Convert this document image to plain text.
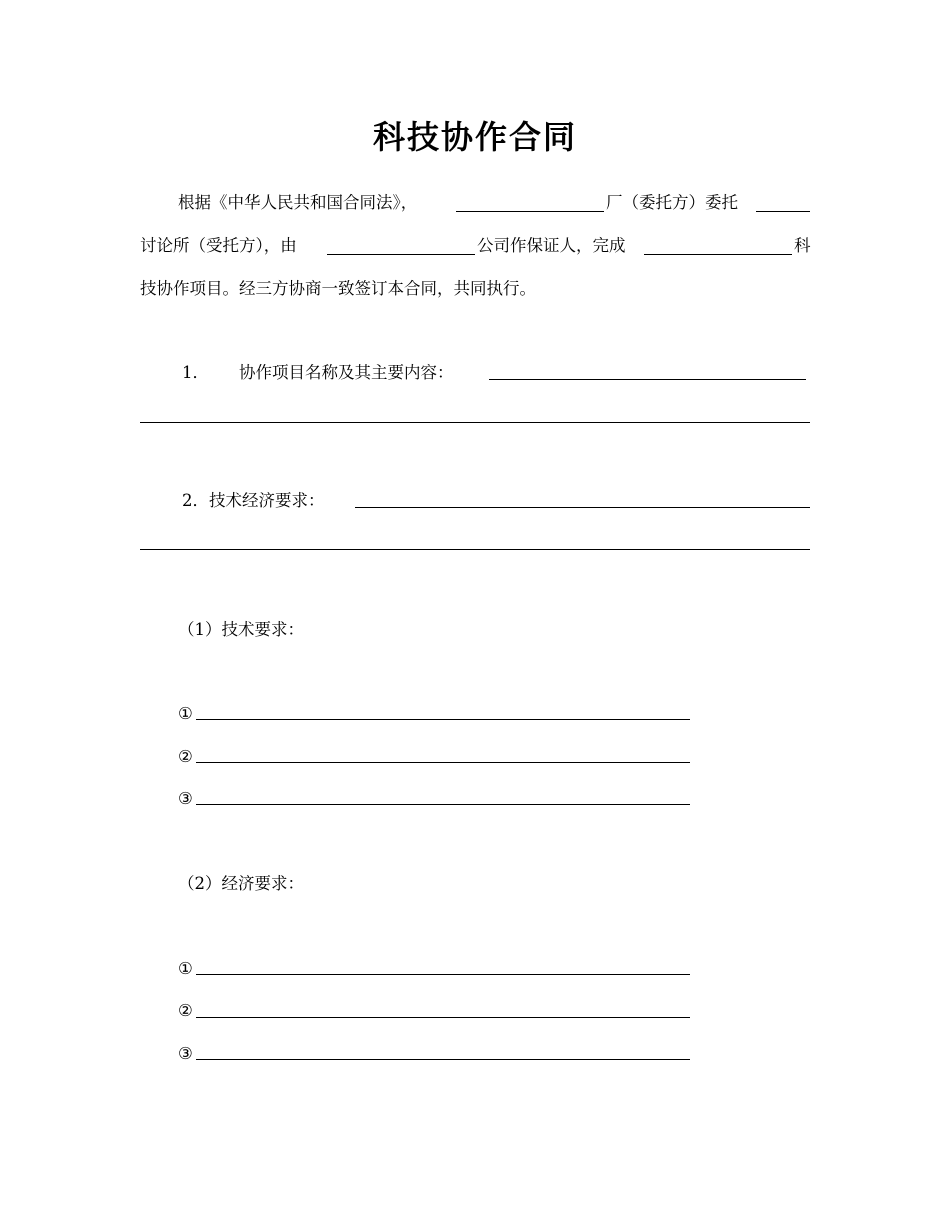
科技协作合同
根据《中华人民共和国合同法》，	厂（委托方）委托
讨论所（受托方），由	公司作保证人，完成	科
技协作项目。经三方协商一致签订本合同，共同执行。
1． 协作项目名称及其主要内容：
2．技术经济要求：
（1）技术要求：
①
②
③
（2）经济要求：
①
②
③
